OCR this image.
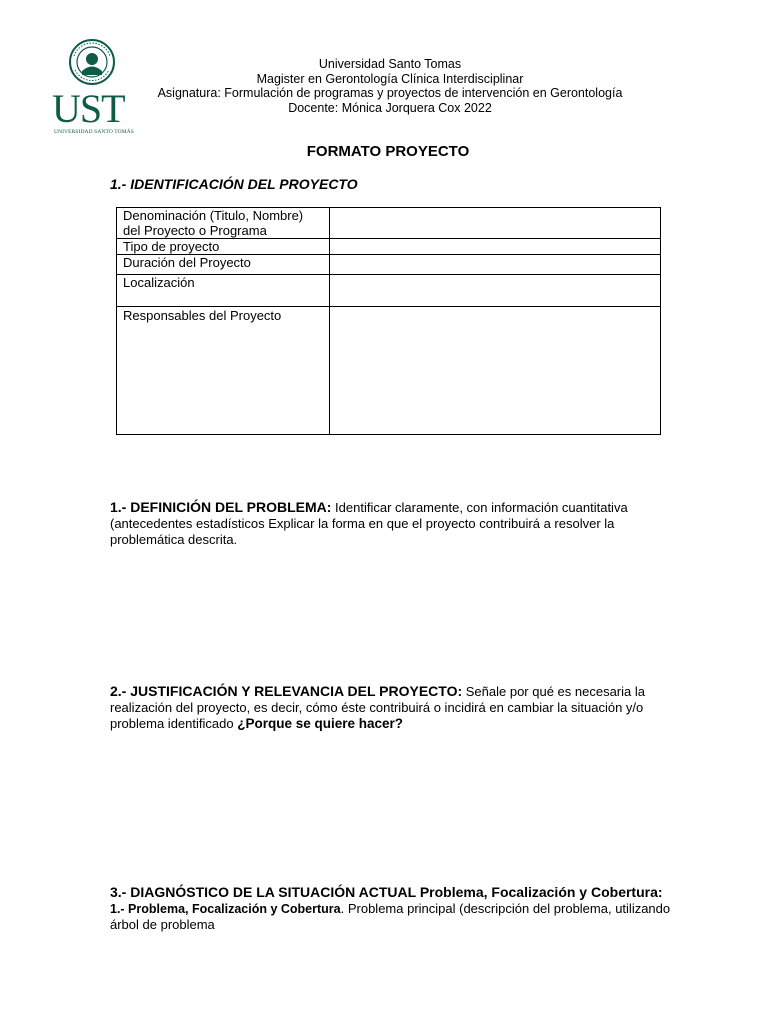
UST
UNIVERSIDAD SANTO TOMÁS
Universidad Santo Tomas
Magister en Gerontología Clínica Interdisciplinar
Asignatura: Formulación de programas y proyectos de intervención en Gerontología
Docente: Mónica Jorquera Cox 2022
FORMATO PROYECTO
1.- IDENTIFICACIÓN DEL PROYECTO
Denominación (Titulo, Nombre) del Proyecto o Programa	
Tipo de proyecto	
Duración del Proyecto	
Localización	
Responsables del Proyecto	
1.- DEFINICIÓN DEL PROBLEMA: Identificar claramente, con información cuantitativa (antecedentes estadísticos Explicar la forma en que el proyecto contribuirá a resolver la problemática descrita.
2.- JUSTIFICACIÓN Y RELEVANCIA DEL PROYECTO: Señale por qué es necesaria la realización del proyecto, es decir, cómo éste contribuirá o incidirá en cambiar la situación y/o problema identificado ¿Porque se quiere hacer?
3.- DIAGNÓSTICO DE LA SITUACIÓN ACTUAL Problema, Focalización y Cobertura: 1.- Problema, Focalización y Cobertura. Problema principal (descripción del problema, utilizando árbol de problema
